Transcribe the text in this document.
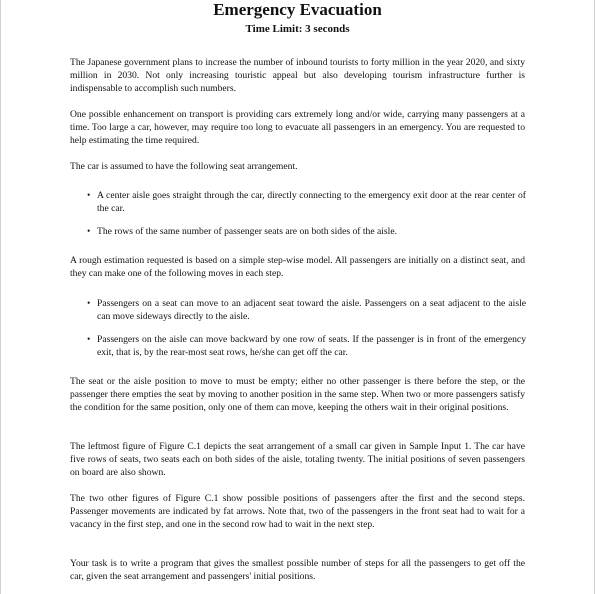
Emergency Evacuation
Time Limit: 3 seconds

The Japanese government plans to increase the number of inbound tourists to forty million in the year 2020, and sixty million in 2030. Not only increasing touristic appeal but also developing tourism infrastructure further is indispensable to accomplish such numbers.

One possible enhancement on transport is providing cars extremely long and/or wide, carrying many passengers at a time. Too large a car, however, may require too long to evacuate all passengers in an emergency. You are requested to help estimating the time required.

The car is assumed to have the following seat arrangement.

• A center aisle goes straight through the car, directly connecting to the emergency exit door at the rear center of the car.
• The rows of the same number of passenger seats are on both sides of the aisle.

A rough estimation requested is based on a simple step-wise model. All passengers are initially on a distinct seat, and they can make one of the following moves in each step.

• Passengers on a seat can move to an adjacent seat toward the aisle. Passengers on a seat adjacent to the aisle can move sideways directly to the aisle.
• Passengers on the aisle can move backward by one row of seats. If the passenger is in front of the emergency exit, that is, by the rear-most seat rows, he/she can get off the car.

The seat or the aisle position to move to must be empty; either no other passenger is there before the step, or the passenger there empties the seat by moving to another position in the same step. When two or more passengers satisfy the condition for the same position, only one of them can move, keeping the others wait in their original positions.

The leftmost figure of Figure C.1 depicts the seat arrangement of a small car given in Sample Input 1. The car have five rows of seats, two seats each on both sides of the aisle, totaling twenty. The initial positions of seven passengers on board are also shown.

The two other figures of Figure C.1 show possible positions of passengers after the first and the second steps. Passenger movements are indicated by fat arrows. Note that, two of the passengers in the front seat had to wait for a vacancy in the first step, and one in the second row had to wait in the next step.

Your task is to write a program that gives the smallest possible number of steps for all the passengers to get off the car, given the seat arrangement and passengers' initial positions.
